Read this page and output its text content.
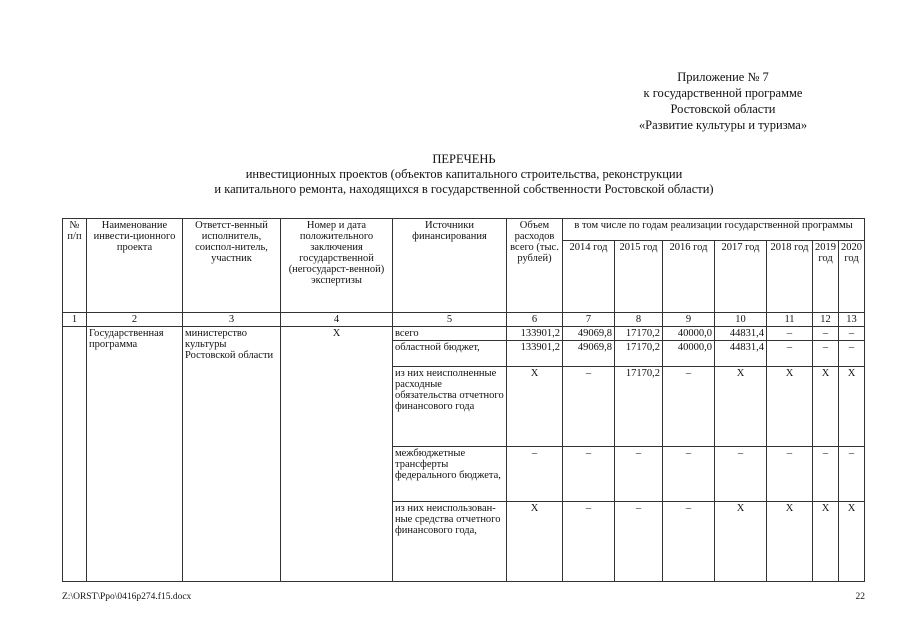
Приложение № 7
к государственной программе
Ростовской области
«Развитие культуры и туризма»
ПЕРЕЧЕНЬ
инвестиционных проектов (объектов капитального строительства, реконструкции
и капитального ремонта, находящихся в государственной собственности Ростовской области)
№ п/п	Наименование инвести-ционного проекта	Ответст-венный исполнитель, соиспол-нитель, участник	Номер и дата положительного заключения государственной (негосударст-венной) экспертизы	Источники финансирования	Объем расходов всего (тыс. рублей)	в том числе по годам реализации государственной программы						
						2014 год	2015 год	2016 год	2017 год	2018 год	2019 год	2020 год
1	2	3	4	5	6	7	8	9	10	11	12	13
	Государственная программа	министерство культуры Ростовской области	X	всего	133901,2	49069,8	17170,2	40000,0	44831,4	–	–	–
				областной бюджет,	133901,2	49069,8	17170,2	40000,0	44831,4	–	–	–
				из них неисполненные расходные обязательства отчетного финансового года	X	–	17170,2	–	X	X	X	X
				межбюджетные трансферты федерального бюджета,	–	–	–	–	–	–	–	–
				из них неиспользован-ные средства отчетного финансового года,	X	–	–	–	X	X	X	X
Z:\ORST\Ppo\0416p274.f15.docx	22
